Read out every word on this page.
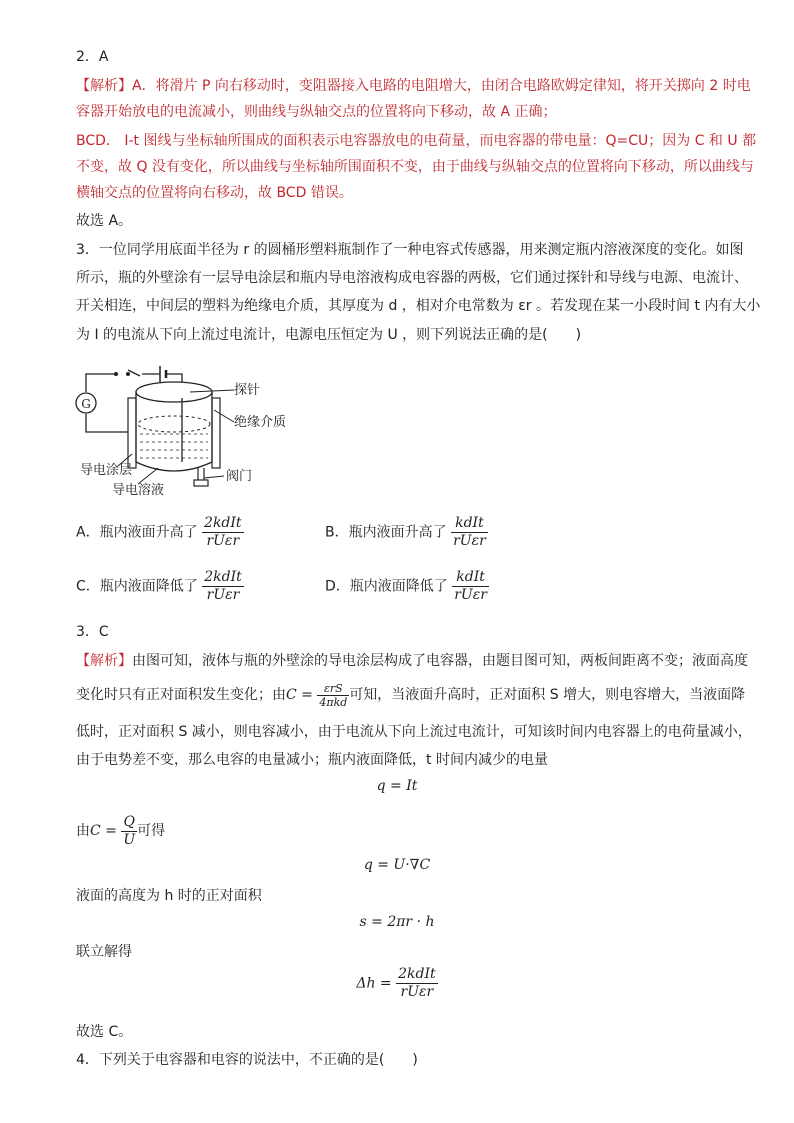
2．A
【解析】A．将滑片 P 向右移动时，变阻器接入电路的电阻增大，由闭合电路欧姆定律知，将开关掷向 2 时电
容器开始放电的电流减小，则曲线与纵轴交点的位置将向下移动，故 A 正确；
BCD． I-t 图线与坐标轴所围成的面积表示电容器放电的电荷量，而电容器的带电量：Q=CU；因为 C 和 U 都
不变，故 Q 没有变化，所以曲线与坐标轴所围面积不变，由于曲线与纵轴交点的位置将向下移动，所以曲线与
横轴交点的位置将向右移动，故 BCD 错误。
故选 A。
3．一位同学用底面半径为 r 的圆桶形塑料瓶制作了一种电容式传感器，用来测定瓶内溶液深度的变化。如图
所示，瓶的外壁涂有一层导电涂层和瓶内导电溶液构成电容器的两极，它们通过探针和导线与电源、电流计、
开关相连，中间层的塑料为绝缘电介质，其厚度为 d ，相对介电常数为 εr 。若发现在某一小段时间 t 内有大小
为 I 的电流从下向上流过电流计，电源电压恒定为 U ，则下列说法正确的是(　　)
G
探针
绝缘介质
导电涂层
导电溶液
阀门
A．瓶内液面升高了 $\frac{\text{2kdIt}}{\text{rUεr}}$	B．瓶内液面升高了 $\frac{\text{kdIt}}{\text{rUεr}}$
C．瓶内液面降低了 $\frac{\text{2kdIt}}{\text{rUεr}}$	D．瓶内液面降低了 $\frac{\text{kdIt}}{\text{rUεr}}$
3．C
【解析】由图可知，液体与瓶的外壁涂的导电涂层构成了电容器，由题目图可知，两板间距离不变；液面高度
变化时只有正对面积发生变化；由$C = \frac{\text{εrS}}{\text{4πkd}}$ 可知，当液面升高时，正对面积 S 增大，则电容增大，当液面降
低时，正对面积 S 减小，则电容减小，由于电流从下向上流过电流计，可知该时间内电容器上的电荷量减小，
由于电势差不变，那么电容的电量减小；瓶内液面降低，t 时间内减少的电量
q = It
由$C = \frac{Q}{U}$ 可得
q = U·∇C
液面的高度为 h 时的正对面积
s = 2πr · h
联立解得
$\Delta h = \frac{\text{2kdIt}}{\text{rUεr}}$
故选 C。
4．下列关于电容器和电容的说法中，不正确的是(　　)
